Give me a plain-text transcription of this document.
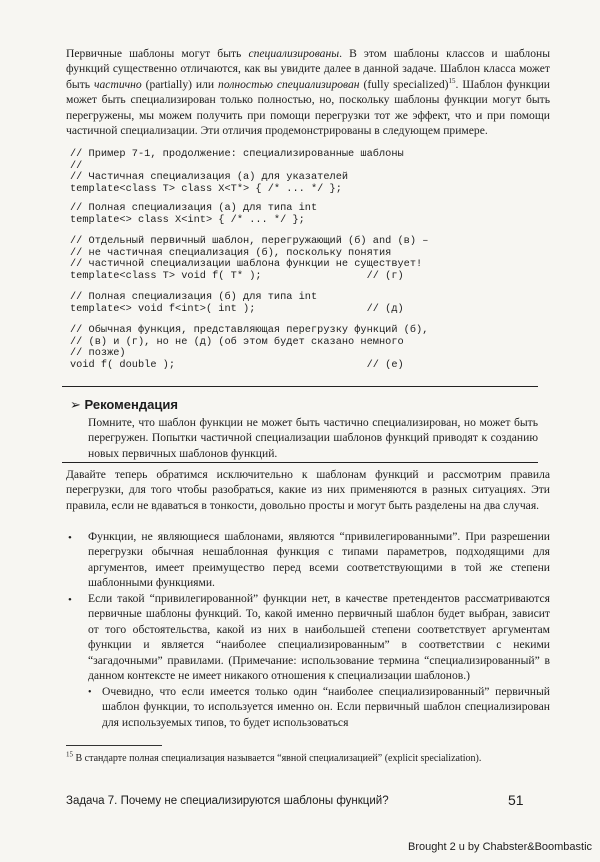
Первичные шаблоны могут быть специализированы. В этом шаблоны классов и шаблоны функций существенно отличаются, как вы увидите далее в данной задаче. Шаблон класса может быть частично (partially) или полностью специализирован (fully specialized)$^{15}$. Шаблон функции может быть специализирован только полностью, но, поскольку шаблоны функции могут быть перегружены, мы можем получить при помощи перегрузки тот же эффект, что и при помощи частичной специализации. Эти отличия продемонстрированы в следующем примере.

// Пример 7-1, продолжение: специализированные шаблоны
//
// Частичная специализация (а) для указателей
template<class T> class X<T*> { /* ... */ };
// Полная специализация (а) для типа int
template<> class X<int> { /* ... */ };
// Отдельный первичный шаблон, перегружающий (б) and (в) –
// не частичная специализация (б), поскольку понятия
// частичной специализации шаблона функции не существует!
template<class T> void f( T* );                 // (г)
// Полная специализация (б) для типа int
template<> void f<int>( int );                  // (д)
// Обычная функция, представляющая перегрузку функций (б),
// (в) и (г), но не (д) (об этом будет сказано немного
// позже)
void f( double );                               // (е)
➢ Рекомендация

Помните, что шаблон функции не может быть частично специализирован, но может быть перегружен. Попытки частичной специализации шаблонов функций приводят к созданию новых первичных шаблонов функций.

Давайте теперь обратимся исключительно к шаблонам функций и рассмотрим правила перегрузки, для того чтобы разобраться, какие из них применяются в разных ситуациях. Эти правила, если не вдаваться в тонкости, довольно просты и могут быть разделены на два случая.

• Функции, не являющиеся шаблонами, являются “привилегированными”. При разрешении перегрузки обычная нешаблонная функция с типами параметров, подходящими для аргументов, имеет преимущество перед всеми соответствующими в той же степени шаблонными функциями.

• Если такой “привилегированной” функции нет, в качестве претендентов рассматриваются первичные шаблоны функций. То, какой именно первичный шаблон будет выбран, зависит от того обстоятельства, какой из них в наибольшей степени соответствует аргументам функции и является “наиболее специализированным” в соответствии с некими “загадочными” правилами. (Примечание: использование термина “специализированный” в данном контексте не имеет никакого отношения к специализации шаблонов.)

• Очевидно, что если имеется только один “наиболее специализированный” первичный шаблон функции, то используется именно он. Если первичный шаблон специализирован для используемых типов, то будет использоваться

$^{15}$ В стандарте полная специализация называется “явной специализацией” (explicit specialization).

Задача 7. Почему не специализируются шаблоны функций?	51
Brought 2 u by Chabster&Boombastic
